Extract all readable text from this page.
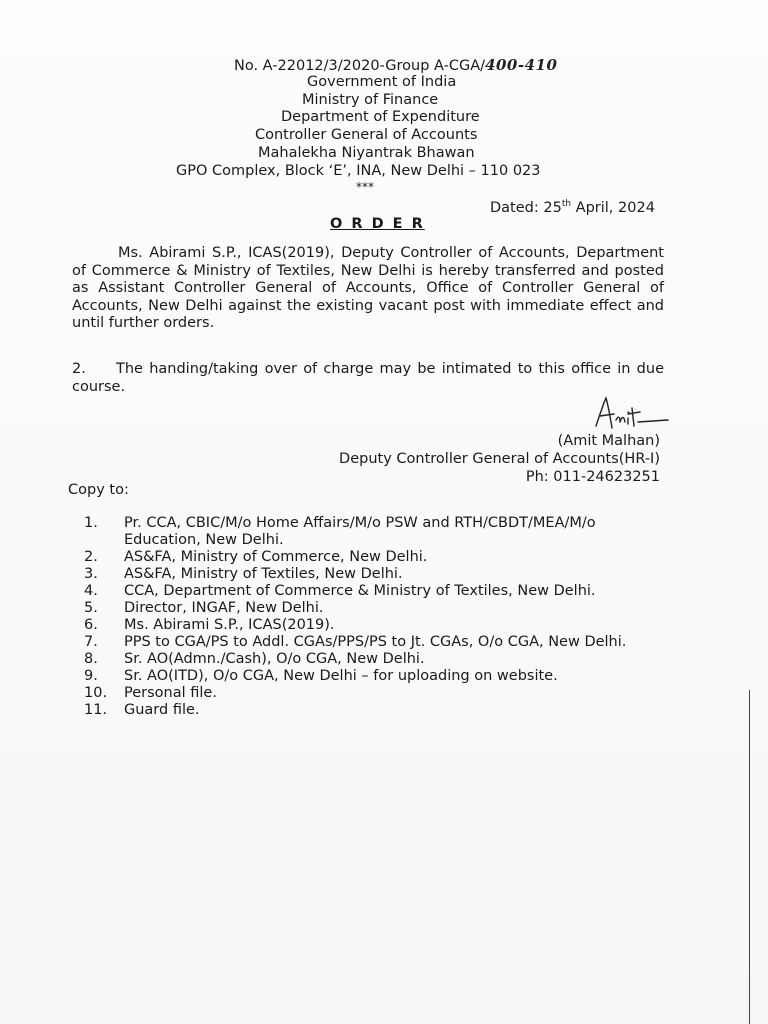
No. A-22012/3/2020-Group A-CGA/400-410
Government of India
Ministry of Finance
Department of Expenditure
Controller General of Accounts
Mahalekha Niyantrak Bhawan
GPO Complex, Block ‘E’, INA, New Delhi – 110 023
***
Dated: 25th April, 2024
O R D E R
Ms. Abirami S.P., ICAS(2019), Deputy Controller of Accounts, Department of Commerce & Ministry of Textiles, New Delhi is hereby transferred and posted as Assistant Controller General of Accounts, Office of Controller General of Accounts, New Delhi against the existing vacant post with immediate effect and until further orders.
2. The handing/taking over of charge may be intimated to this office in due course.
(Amit Malhan)
Deputy Controller General of Accounts(HR-I)
Ph: 011-24623251
Copy to:
1.	Pr. CCA, CBIC/M/o Home Affairs/M/o PSW and RTH/CBDT/MEA/M/o Education, New Delhi.
2.	AS&FA, Ministry of Commerce, New Delhi.
3.	AS&FA, Ministry of Textiles, New Delhi.
4.	CCA, Department of Commerce & Ministry of Textiles, New Delhi.
5.	Director, INGAF, New Delhi.
6.	Ms. Abirami S.P., ICAS(2019).
7.	PPS to CGA/PS to Addl. CGAs/PPS/PS to Jt. CGAs, O/o CGA, New Delhi.
8.	Sr. AO(Admn./Cash), O/o CGA, New Delhi.
9.	Sr. AO(ITD), O/o CGA, New Delhi – for uploading on website.
10.	Personal file.
11.	Guard file.
